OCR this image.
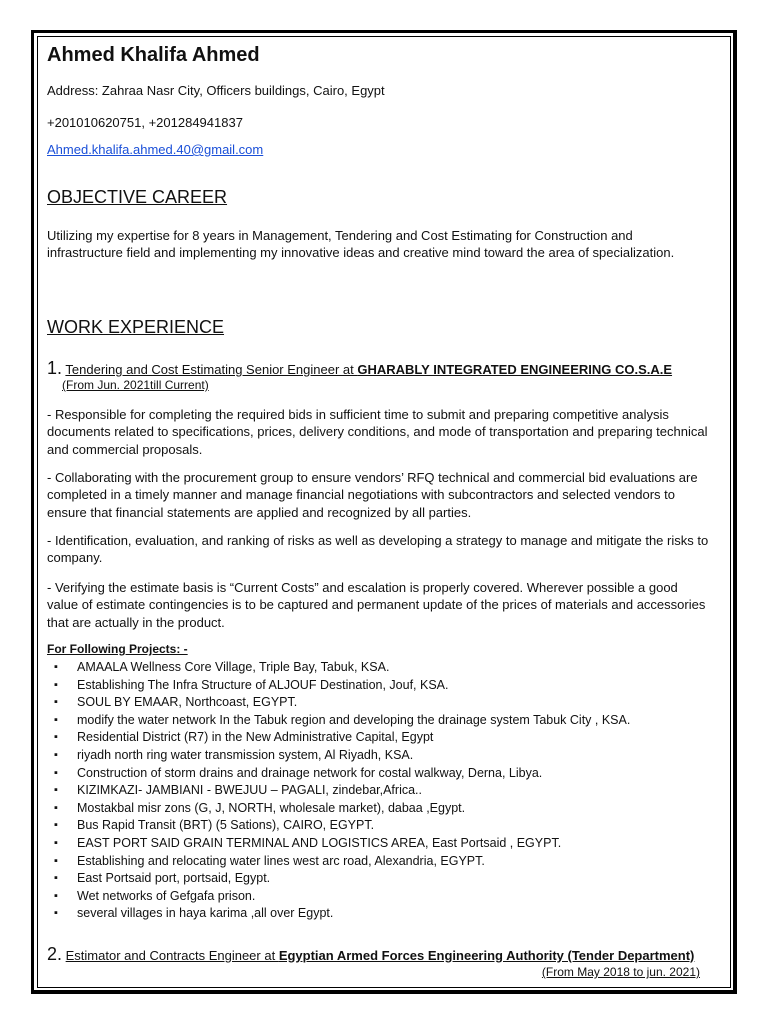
Ahmed Khalifa Ahmed
Address: Zahraa Nasr City, Officers buildings, Cairo, Egypt
+201010620751, +201284941837
Ahmed.khalifa.ahmed.40@gmail.com
OBJECTIVE CAREER

Utilizing my expertise for 8 years in Management, Tendering and Cost Estimating for Construction and infrastructure field and implementing my innovative ideas and creative mind toward the area of specialization.

WORK EXPERIENCE
1. Tendering and Cost Estimating Senior Engineer at GHARABLY INTEGRATED ENGINEERING CO.S.A.E
(From Jun. 2021till Current)

- Responsible for completing the required bids in sufficient time to submit and preparing competitive analysis documents related to specifications, prices, delivery conditions, and mode of transportation and preparing technical and commercial proposals.

- Collaborating with the procurement group to ensure vendors’ RFQ technical and commercial bid evaluations are completed in a timely manner and manage financial negotiations with subcontractors and selected vendors to ensure that financial statements are applied and recognized by all parties.

- Identification, evaluation, and ranking of risks as well as developing a strategy to manage and mitigate the risks to company.

- Verifying the estimate basis is “Current Costs” and escalation is properly covered. Wherever possible a good value of estimate contingencies is to be captured and permanent update of the prices of materials and accessories that are actually in the product.

For Following Projects: -
▪ AMAALA Wellness Core Village, Triple Bay, Tabuk, KSA.
▪ Establishing The Infra Structure of ALJOUF Destination, Jouf, KSA.
▪ SOUL BY EMAAR, Northcoast, EGYPT.
▪ modify the water network In the Tabuk region and developing the drainage system Tabuk City , KSA.
▪ Residential District (R7) in the New Administrative Capital, Egypt
▪ riyadh north ring water transmission system, Al Riyadh, KSA.
▪ Construction of storm drains and drainage network for costal walkway, Derna, Libya.
▪ KIZIMKAZI- JAMBIANI - BWEJUU – PAGALI, zindebar,Africa..
▪ Mostakbal misr zons (G, J, NORTH, wholesale market), dabaa ,Egypt.
▪ Bus Rapid Transit (BRT) (5 Sations), CAIRO, EGYPT.
▪ EAST PORT SAID GRAIN TERMINAL AND LOGISTICS AREA, East Portsaid , EGYPT.
▪ Establishing and relocating water lines west arc road, Alexandria, EGYPT.
▪ East Portsaid port, portsaid, Egypt.
▪ Wet networks of Gefgafa prison.
▪ several villages in haya karima ,all over Egypt.
2. Estimator and Contracts Engineer at Egyptian Armed Forces Engineering Authority (Tender Department)
(From May 2018 to jun. 2021)
